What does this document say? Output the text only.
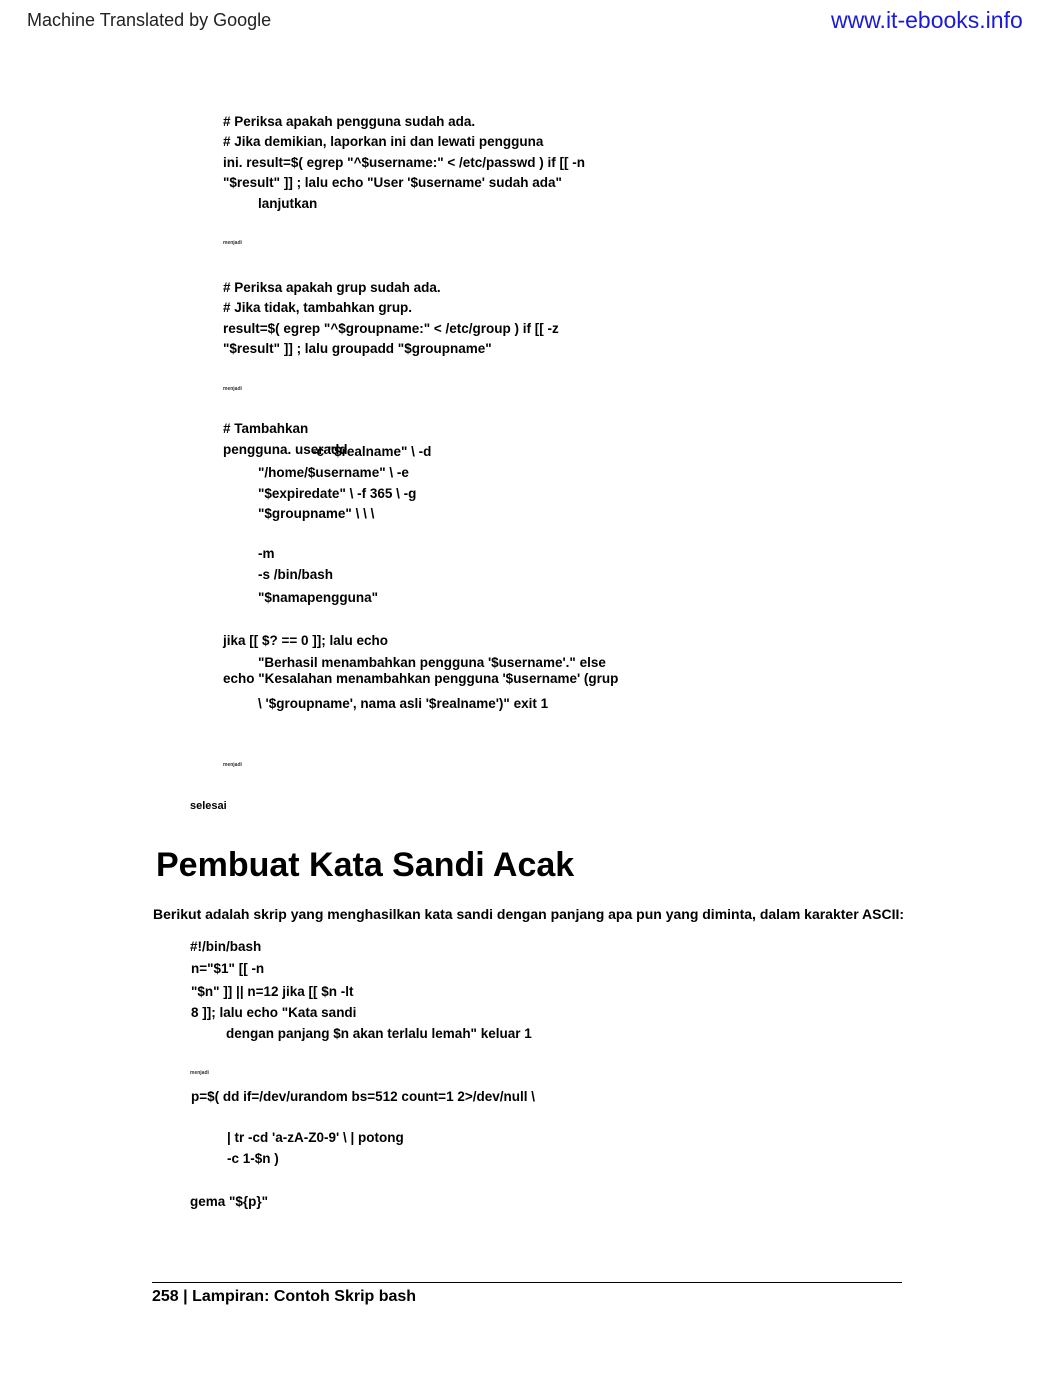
Machine Translated by Google	www.it-ebooks.info
# Periksa apakah pengguna sudah ada.
# Jika demikian, laporkan ini dan lewati pengguna
ini. result=$( egrep "^$username:" < /etc/passwd ) if [[ -n
"$result" ]] ; lalu echo "User '$username' sudah ada"
lanjutkan
menjadi
# Periksa apakah grup sudah ada.
# Jika tidak, tambahkan grup.
result=$( egrep "^$groupname:" < /etc/group ) if [[ -z
"$result" ]] ; lalu groupadd "$groupname"
menjadi
# Tambahkan
pengguna. useradd
-c "$realname" \ -d
"/home/$username" \ -e
"$expiredate" \ -f 365 \ -g
"$groupname" \ \ \
-m
-s /bin/bash
"$namapengguna"
jika [[ $? == 0 ]]; lalu echo
"Berhasil menambahkan pengguna '$username'." else
echo "Kesalahan menambahkan pengguna '$username' (grup
\ '$groupname', nama asli '$realname')" exit 1
menjadi
selesai
Pembuat Kata Sandi Acak
Berikut adalah skrip yang menghasilkan kata sandi dengan panjang apa pun yang diminta, dalam karakter ASCII:
#!/bin/bash
n="$1" [[ -n
"$n" ]] || n=12 jika [[ $n -lt
8 ]]; lalu echo "Kata sandi
dengan panjang $n akan terlalu lemah" keluar 1
menjadi
p=$( dd if=/dev/urandom bs=512 count=1 2>/dev/null \
| tr -cd 'a-zA-Z0-9' \ | potong
-c 1-$n )
gema "${p}"
258 | Lampiran: Contoh Skrip bash
